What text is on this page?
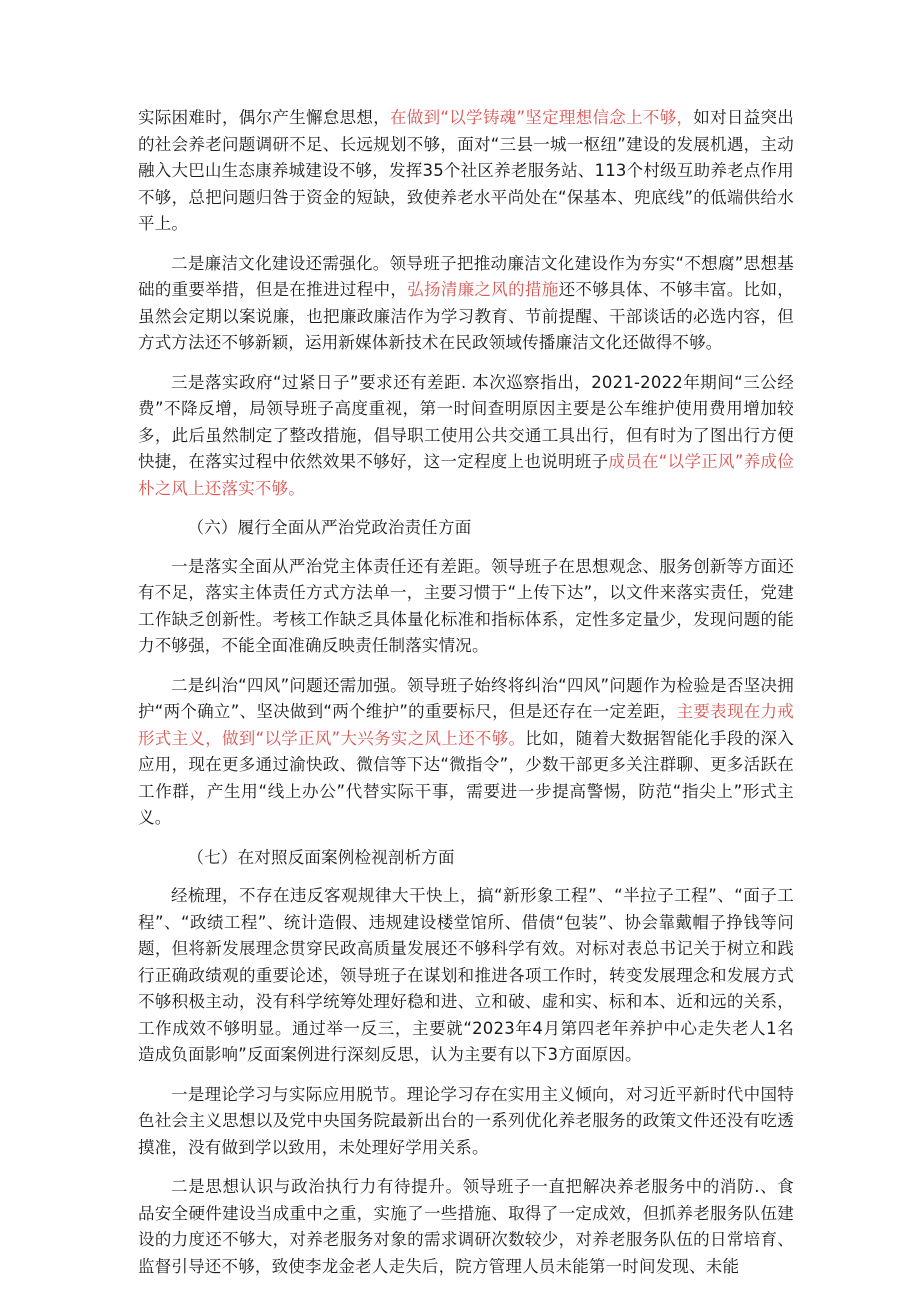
实际困难时，偶尔产生懈怠思想，在做到“以学铸魂”坚定理想信念上不够，如对日益突出的社会养老问题调研不足、长远规划不够，面对“三县一城一枢纽”建设的发展机遇，主动融入大巴山生态康养城建设不够，发挥35个社区养老服务站、113个村级互助养老点作用不够，总把问题归咎于资金的短缺，致使养老水平尚处在“保基本、兜底线”的低端供给水平上。

二是廉洁文化建设还需强化。领导班子把推动廉洁文化建设作为夯实“不想腐”思想基础的重要举措，但是在推进过程中，弘扬清廉之风的措施还不够具体、不够丰富。比如，虽然会定期以案说廉，也把廉政廉洁作为学习教育、节前提醒、干部谈话的必选内容，但方式方法还不够新颖，运用新媒体新技术在民政领域传播廉洁文化还做得不够。

三是落实政府“过紧日子”要求还有差距. 本次巡察指出，2021-2022年期间“三公经费”不降反增，局领导班子高度重视，第一时间查明原因主要是公车维护使用费用增加较多，此后虽然制定了整改措施，倡导职工使用公共交通工具出行，但有时为了图出行方便快捷，在落实过程中依然效果不够好，这一定程度上也说明班子成员在“以学正风”养成俭朴之风上还落实不够。

（六）履行全面从严治党政治责任方面

一是落实全面从严治党主体责任还有差距。领导班子在思想观念、服务创新等方面还有不足，落实主体责任方式方法单一，主要习惯于“上传下达”，以文件来落实责任，党建工作缺乏创新性。考核工作缺乏具体量化标准和指标体系，定性多定量少，发现问题的能力不够强，不能全面准确反映责任制落实情况。

二是纠治“四风”问题还需加强。领导班子始终将纠治“四风”问题作为检验是否坚决拥护“两个确立”、坚决做到“两个维护”的重要标尺，但是还存在一定差距，主要表现在力戒形式主义，做到“以学正风”大兴务实之风上还不够。比如，随着大数据智能化手段的深入应用，现在更多通过渝快政、微信等下达“微指令”，少数干部更多关注群聊、更多活跃在工作群，产生用“线上办公”代替实际干事，需要进一步提高警惕，防范“指尖上”形式主义。

（七）在对照反面案例检视剖析方面

经梳理，不存在违反客观规律大干快上，搞“新形象工程”、“半拉子工程”、“面子工程”、“政绩工程”、统计造假、违规建设楼堂馆所、借债“包装”、协会靠戴帽子挣钱等问题，但将新发展理念贯穿民政高质量发展还不够科学有效。对标对表总书记关于树立和践行正确政绩观的重要论述，领导班子在谋划和推进各项工作时，转变发展理念和发展方式不够积极主动，没有科学统筹处理好稳和进、立和破、虚和实、标和本、近和远的关系，工作成效不够明显。通过举一反三，主要就“2023年4月第四老年养护中心走失老人1名造成负面影响”反面案例进行深刻反思，认为主要有以下3方面原因。

一是理论学习与实际应用脱节。理论学习存在实用主义倾向，对习近平新时代中国特色社会主义思想以及党中央国务院最新出台的一系列优化养老服务的政策文件还没有吃透摸准，没有做到学以致用，未处理好学用关系。

二是思想认识与政治执行力有待提升。领导班子一直把解决养老服务中的消防.、食品安全硬件建设当成重中之重，实施了一些措施、取得了一定成效，但抓养老服务队伍建设的力度还不够大，对养老服务对象的需求调研次数较少，对养老服务队伍的日常培育、监督引导还不够，致使李龙金老人走失后，院方管理人员未能第一时间发现、未能
